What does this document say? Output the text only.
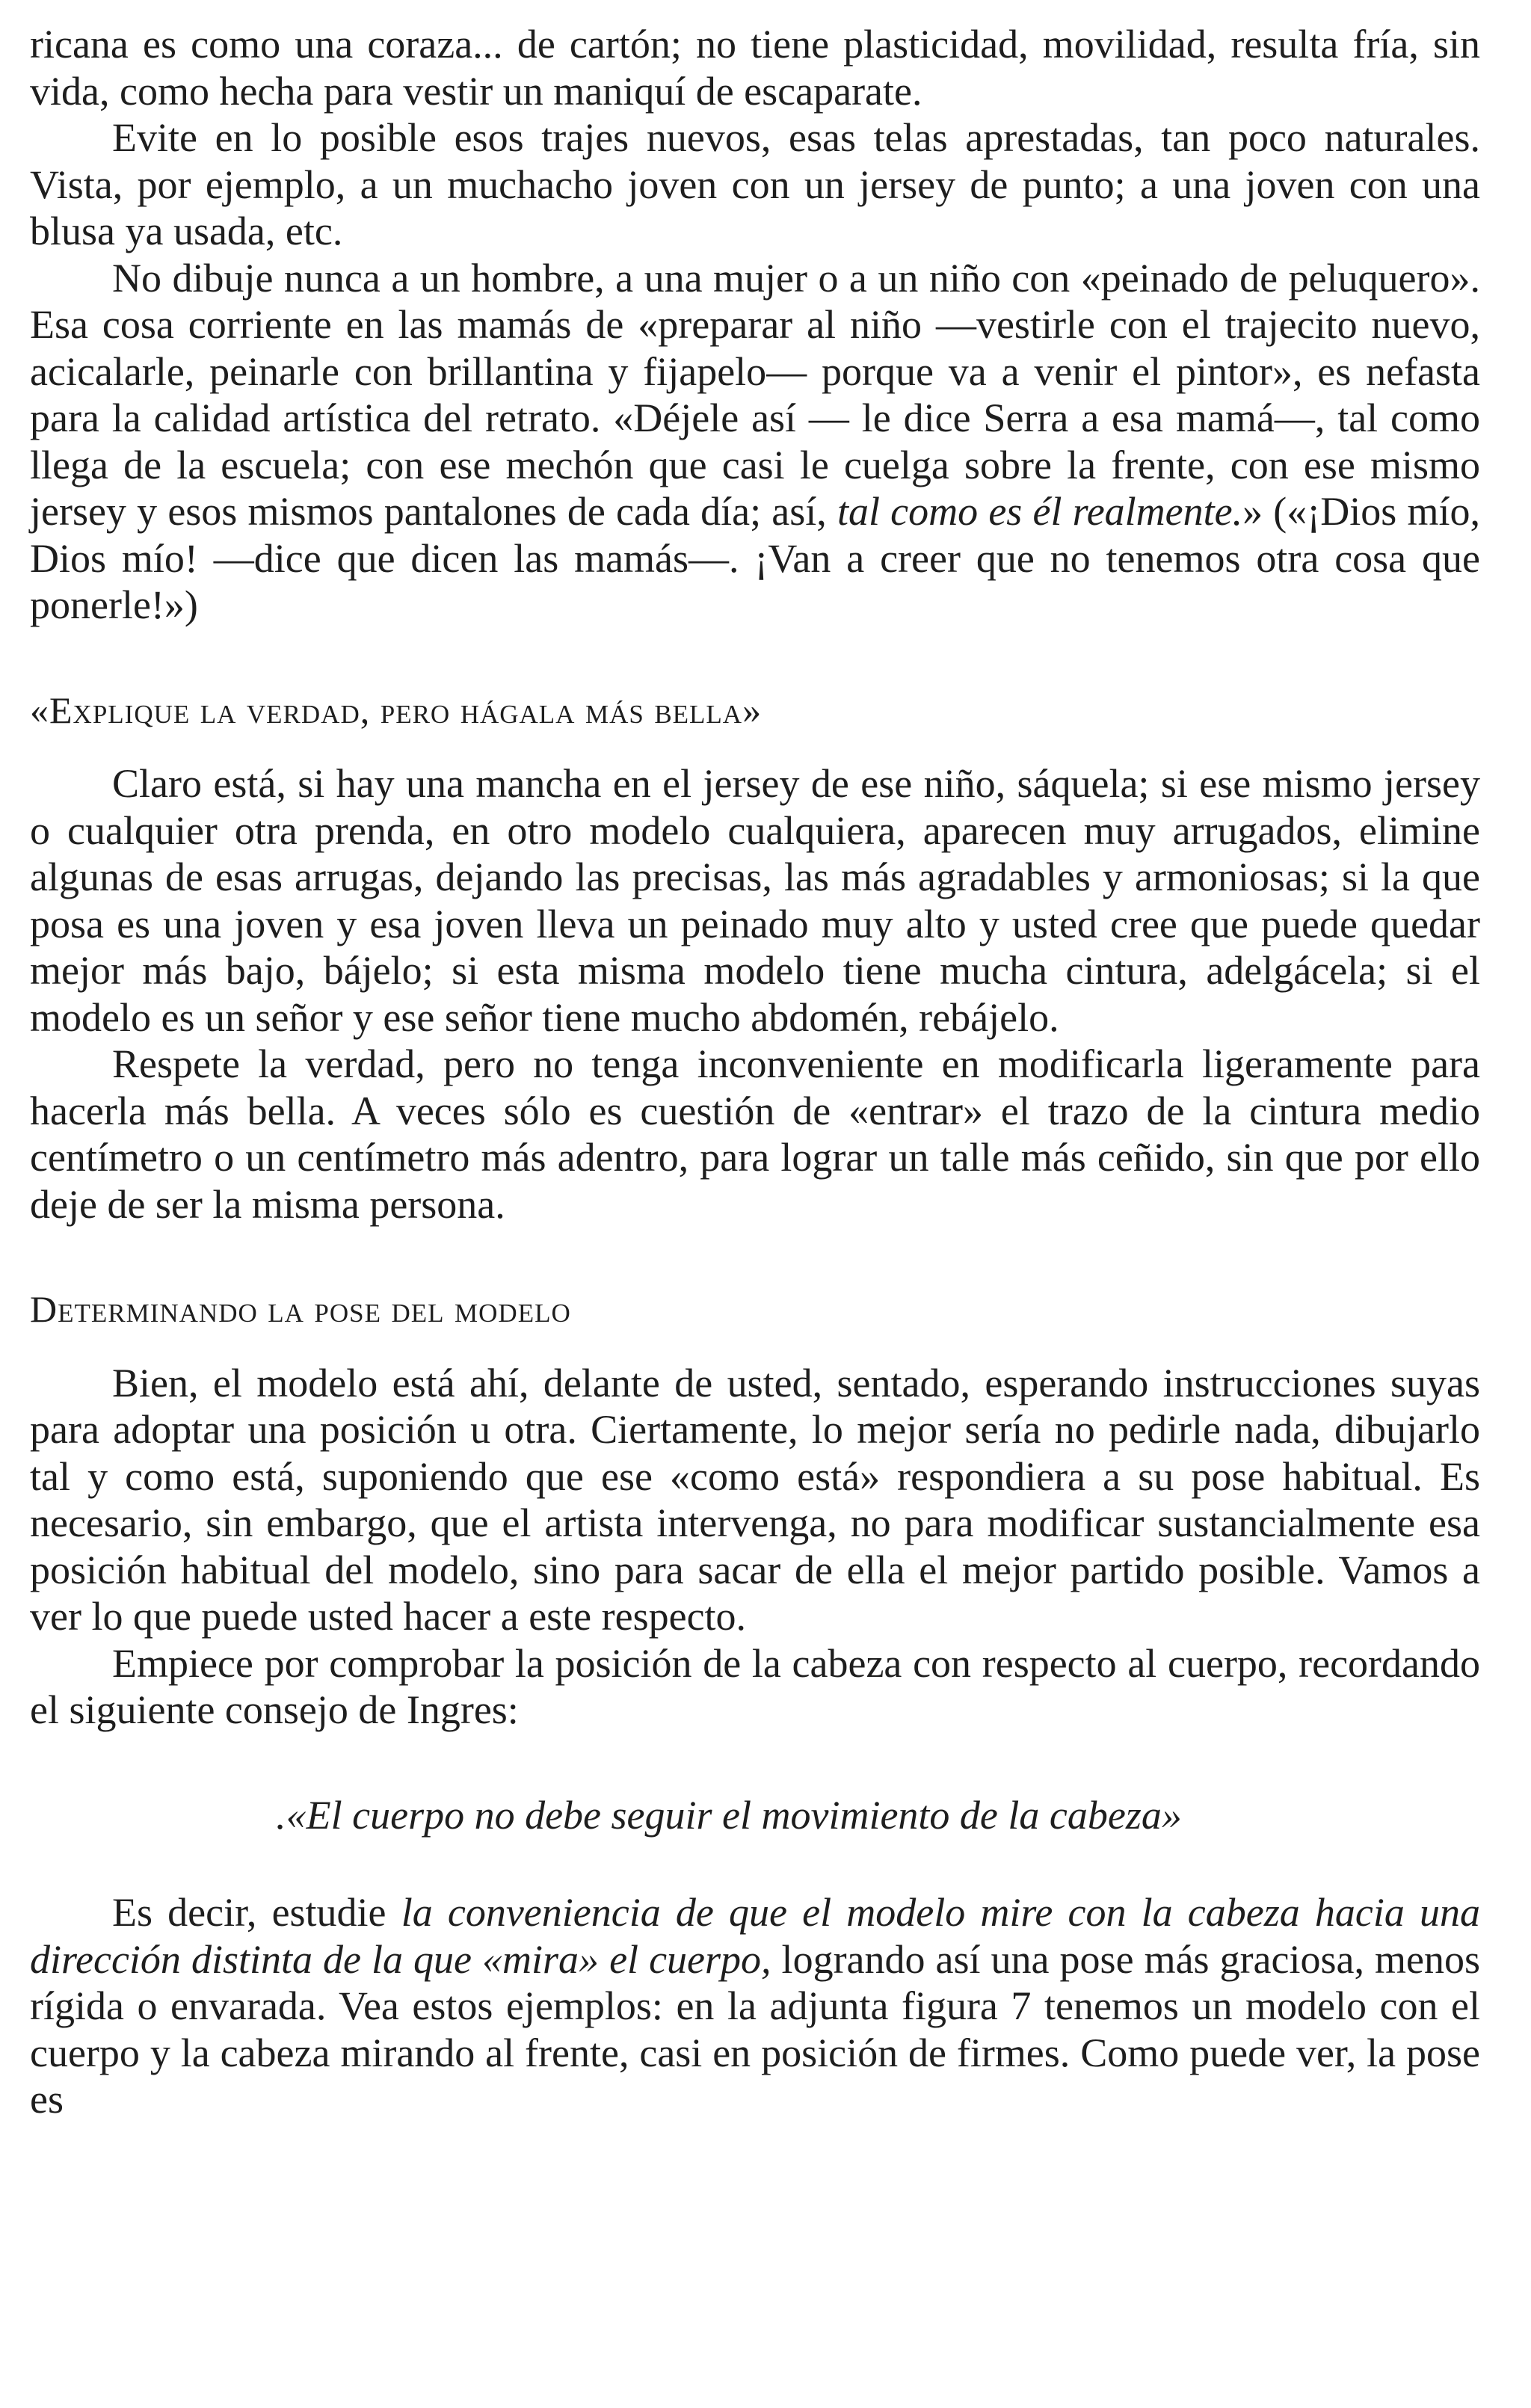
ricana es como una coraza... de cartón; no tiene plasticidad, movilidad, resulta fría, sin vida, como hecha para vestir un maniquí de escaparate.

Evite en lo posible esos trajes nuevos, esas telas aprestadas, tan poco naturales. Vista, por ejemplo, a un muchacho joven con un jersey de punto; a una joven con una blusa ya usada, etc.

No dibuje nunca a un hombre, a una mujer o a un niño con «peinado de peluquero». Esa cosa corriente en las mamás de «preparar al niño —vestirle con el trajecito nuevo, acicalarle, peinarle con brillantina y fijapelo— porque va a venir el pintor», es nefasta para la calidad artística del retrato. «Déjele así — le dice Serra a esa mamá—, tal como llega de la escuela; con ese mechón que casi le cuelga sobre la frente, con ese mismo jersey y esos mismos pantalones de cada día; así, tal como es él realmente.» («¡Dios mío, Dios mío! —dice que dicen las mamás—. ¡Van a creer que no tenemos otra cosa que ponerle!»)

«Explique la verdad, pero hágala más bella»

Claro está, si hay una mancha en el jersey de ese niño, sáquela; si ese mismo jersey o cualquier otra prenda, en otro modelo cualquiera, aparecen muy arrugados, elimine algunas de esas arrugas, dejando las precisas, las más agradables y armoniosas; si la que posa es una joven y esa joven lleva un peinado muy alto y usted cree que puede quedar mejor más bajo, bájelo; si esta misma modelo tiene mucha cintura, adelgácela; si el modelo es un señor y ese señor tiene mucho abdomén, rebájelo.

Respete la verdad, pero no tenga inconveniente en modificarla ligeramente para hacerla más bella. A veces sólo es cuestión de «entrar» el trazo de la cintura medio centímetro o un centímetro más adentro, para lograr un talle más ceñido, sin que por ello deje de ser la misma persona.

Determinando la pose del modelo

Bien, el modelo está ahí, delante de usted, sentado, esperando instrucciones suyas para adoptar una posición u otra. Ciertamente, lo mejor sería no pedirle nada, dibujarlo tal y como está, suponiendo que ese «como está» respondiera a su pose habitual. Es necesario, sin embargo, que el artista intervenga, no para modificar sustancialmente esa posición habitual del modelo, sino para sacar de ella el mejor partido posible. Vamos a ver lo que puede usted hacer a este respecto.

Empiece por comprobar la posición de la cabeza con respecto al cuerpo, recordando el siguiente consejo de Ingres:

.«El cuerpo no debe seguir el movimiento de la cabeza»

Es decir, estudie la conveniencia de que el modelo mire con la cabeza hacia una dirección distinta de la que «mira» el cuerpo, logrando así una pose más graciosa, menos rígida o envarada. Vea estos ejemplos: en la adjunta figura 7 tenemos un modelo con el cuerpo y la cabeza mirando al frente, casi en posición de firmes. Como puede ver, la pose es
